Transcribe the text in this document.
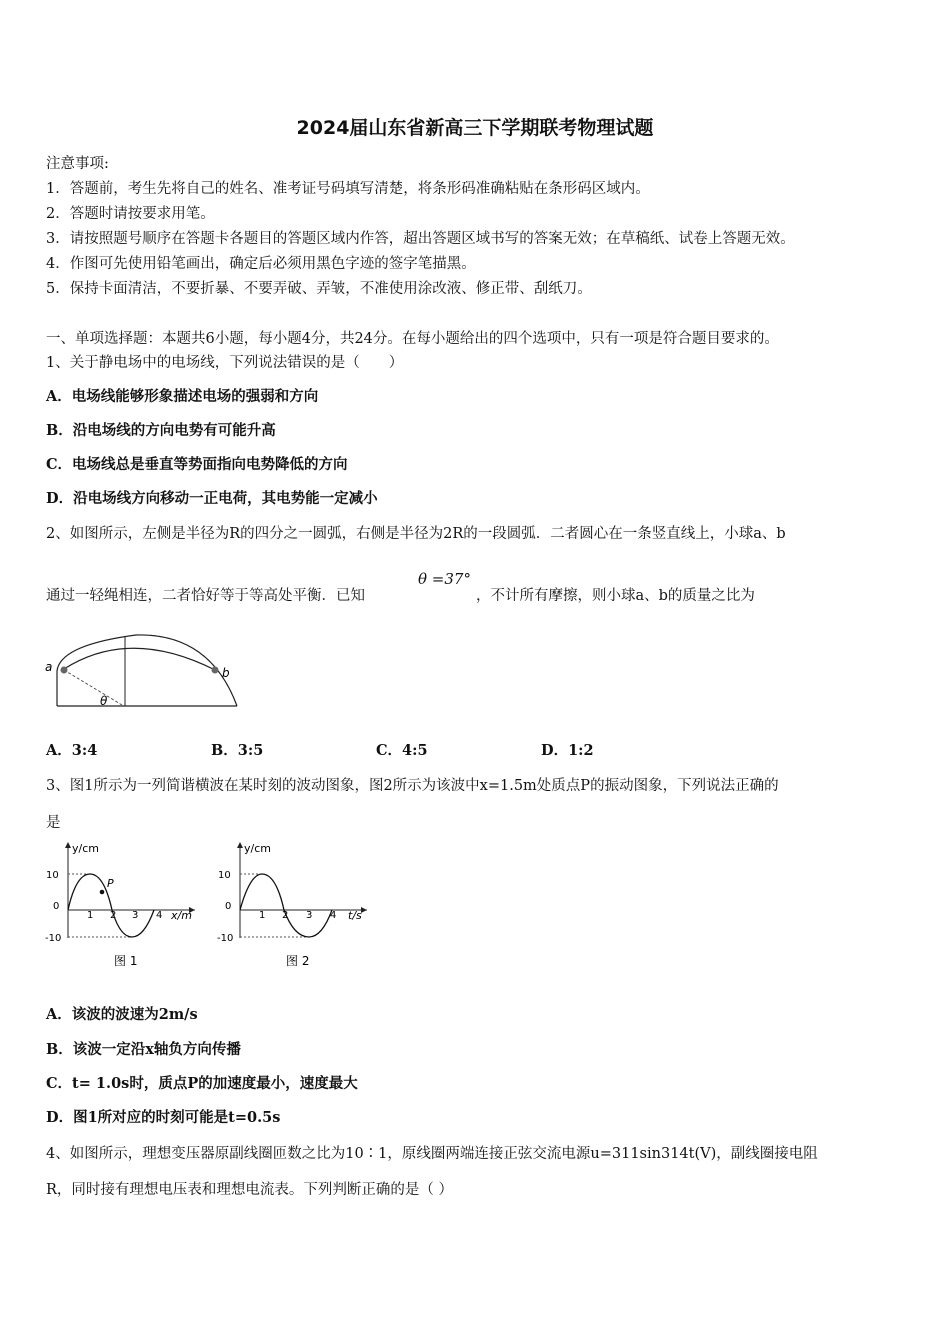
2024届山东省新高三下学期联考物理试题
注意事项:
1．答题前，考生先将自己的姓名、准考证号码填写清楚，将条形码准确粘贴在条形码区域内。
2．答题时请按要求用笔。
3．请按照题号顺序在答题卡各题目的答题区域内作答，超出答题区域书写的答案无效；在草稿纸、试卷上答题无效。
4．作图可先使用铅笔画出，确定后必须用黑色字迹的签字笔描黑。
5．保持卡面清洁，不要折暴、不要弄破、弄皱，不准使用涂改液、修正带、刮纸刀。
一、单项选择题：本题共6小题，每小题4分，共24分。在每小题给出的四个选项中，只有一项是符合题目要求的。
1、关于静电场中的电场线，下列说法错误的是（　　）
A．电场线能够形象描述电场的强弱和方向
B．沿电场线的方向电势有可能升高
C．电场线总是垂直等势面指向电势降低的方向
D．沿电场线方向移动一正电荷，其电势能一定减小
2、如图所示，左侧是半径为R的四分之一圆弧，右侧是半径为2R的一段圆弧．二者圆心在一条竖直线上，小球a、b
通过一轻绳相连，二者恰好等于等高处平衡．已知
θ =37°
，不计所有摩擦，则小球a、b的质量之比为
a	b
θ
A．3:4	B．3:5	C．4:5	D．1:2
3、图1所示为一列简谐横波在某时刻的波动图象，图2所示为该波中x=1.5m处质点P的振动图象，下列说法正确的
是
y/cm
x/m
P
10
0
-10
1 2 3 4
图 1
y/cm
t/s
10
0
-10
1 2 3 4
图 2
A．该波的波速为2m/s
B．该波一定沿x轴负方向传播
C．t= 1.0s时，质点P的加速度最小，速度最大
D．图1所对应的时刻可能是t=0.5s
4、如图所示，理想变压器原副线圈匝数之比为10∶1，原线圈两端连接正弦交流电源u=311sin314t(V)，副线圈接电阻
R，同时接有理想电压表和理想电流表。下列判断正确的是（ ）
